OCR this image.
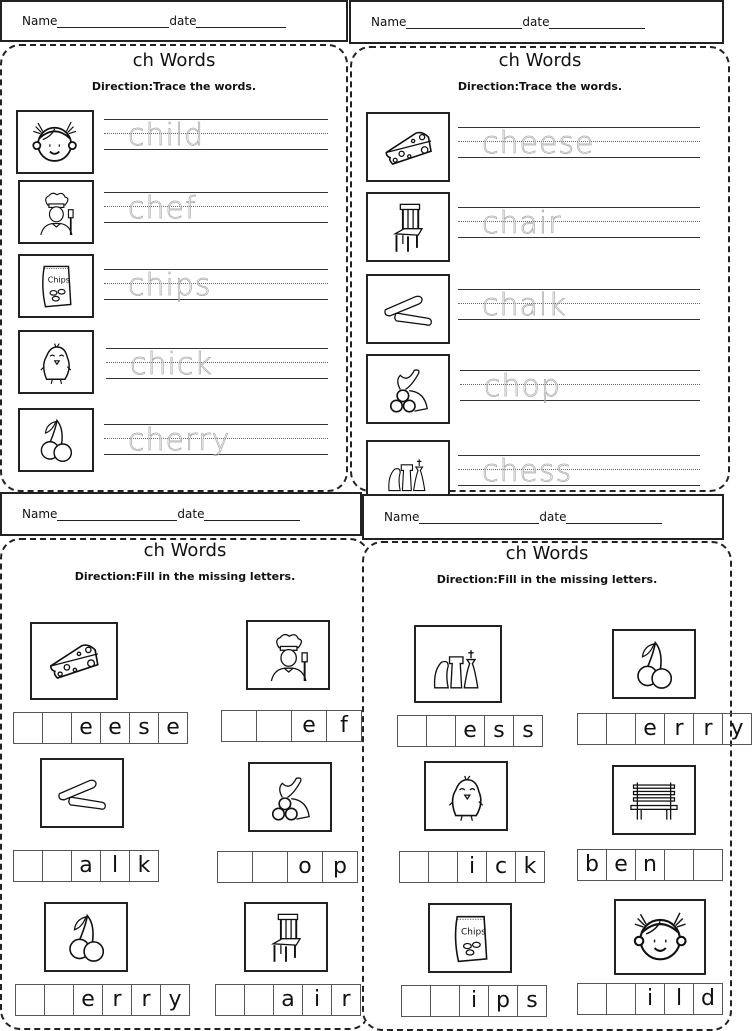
Name	date
ch Words
Direction:Trace the words.
child
chef
chips
chick
cherry
Name	date
ch Words
Direction:Trace the words.
cheese
chair
chalk
chop
chess
Name	date
ch Words
Direction:Fill in the missing letters.
e e s e	e	f
a l k	o p
e r r y	a i r
Name	date
ch Words
Direction:Fill in the missing letters.
e s s	e r r y
i c k	b e n
i p s	i	l d
